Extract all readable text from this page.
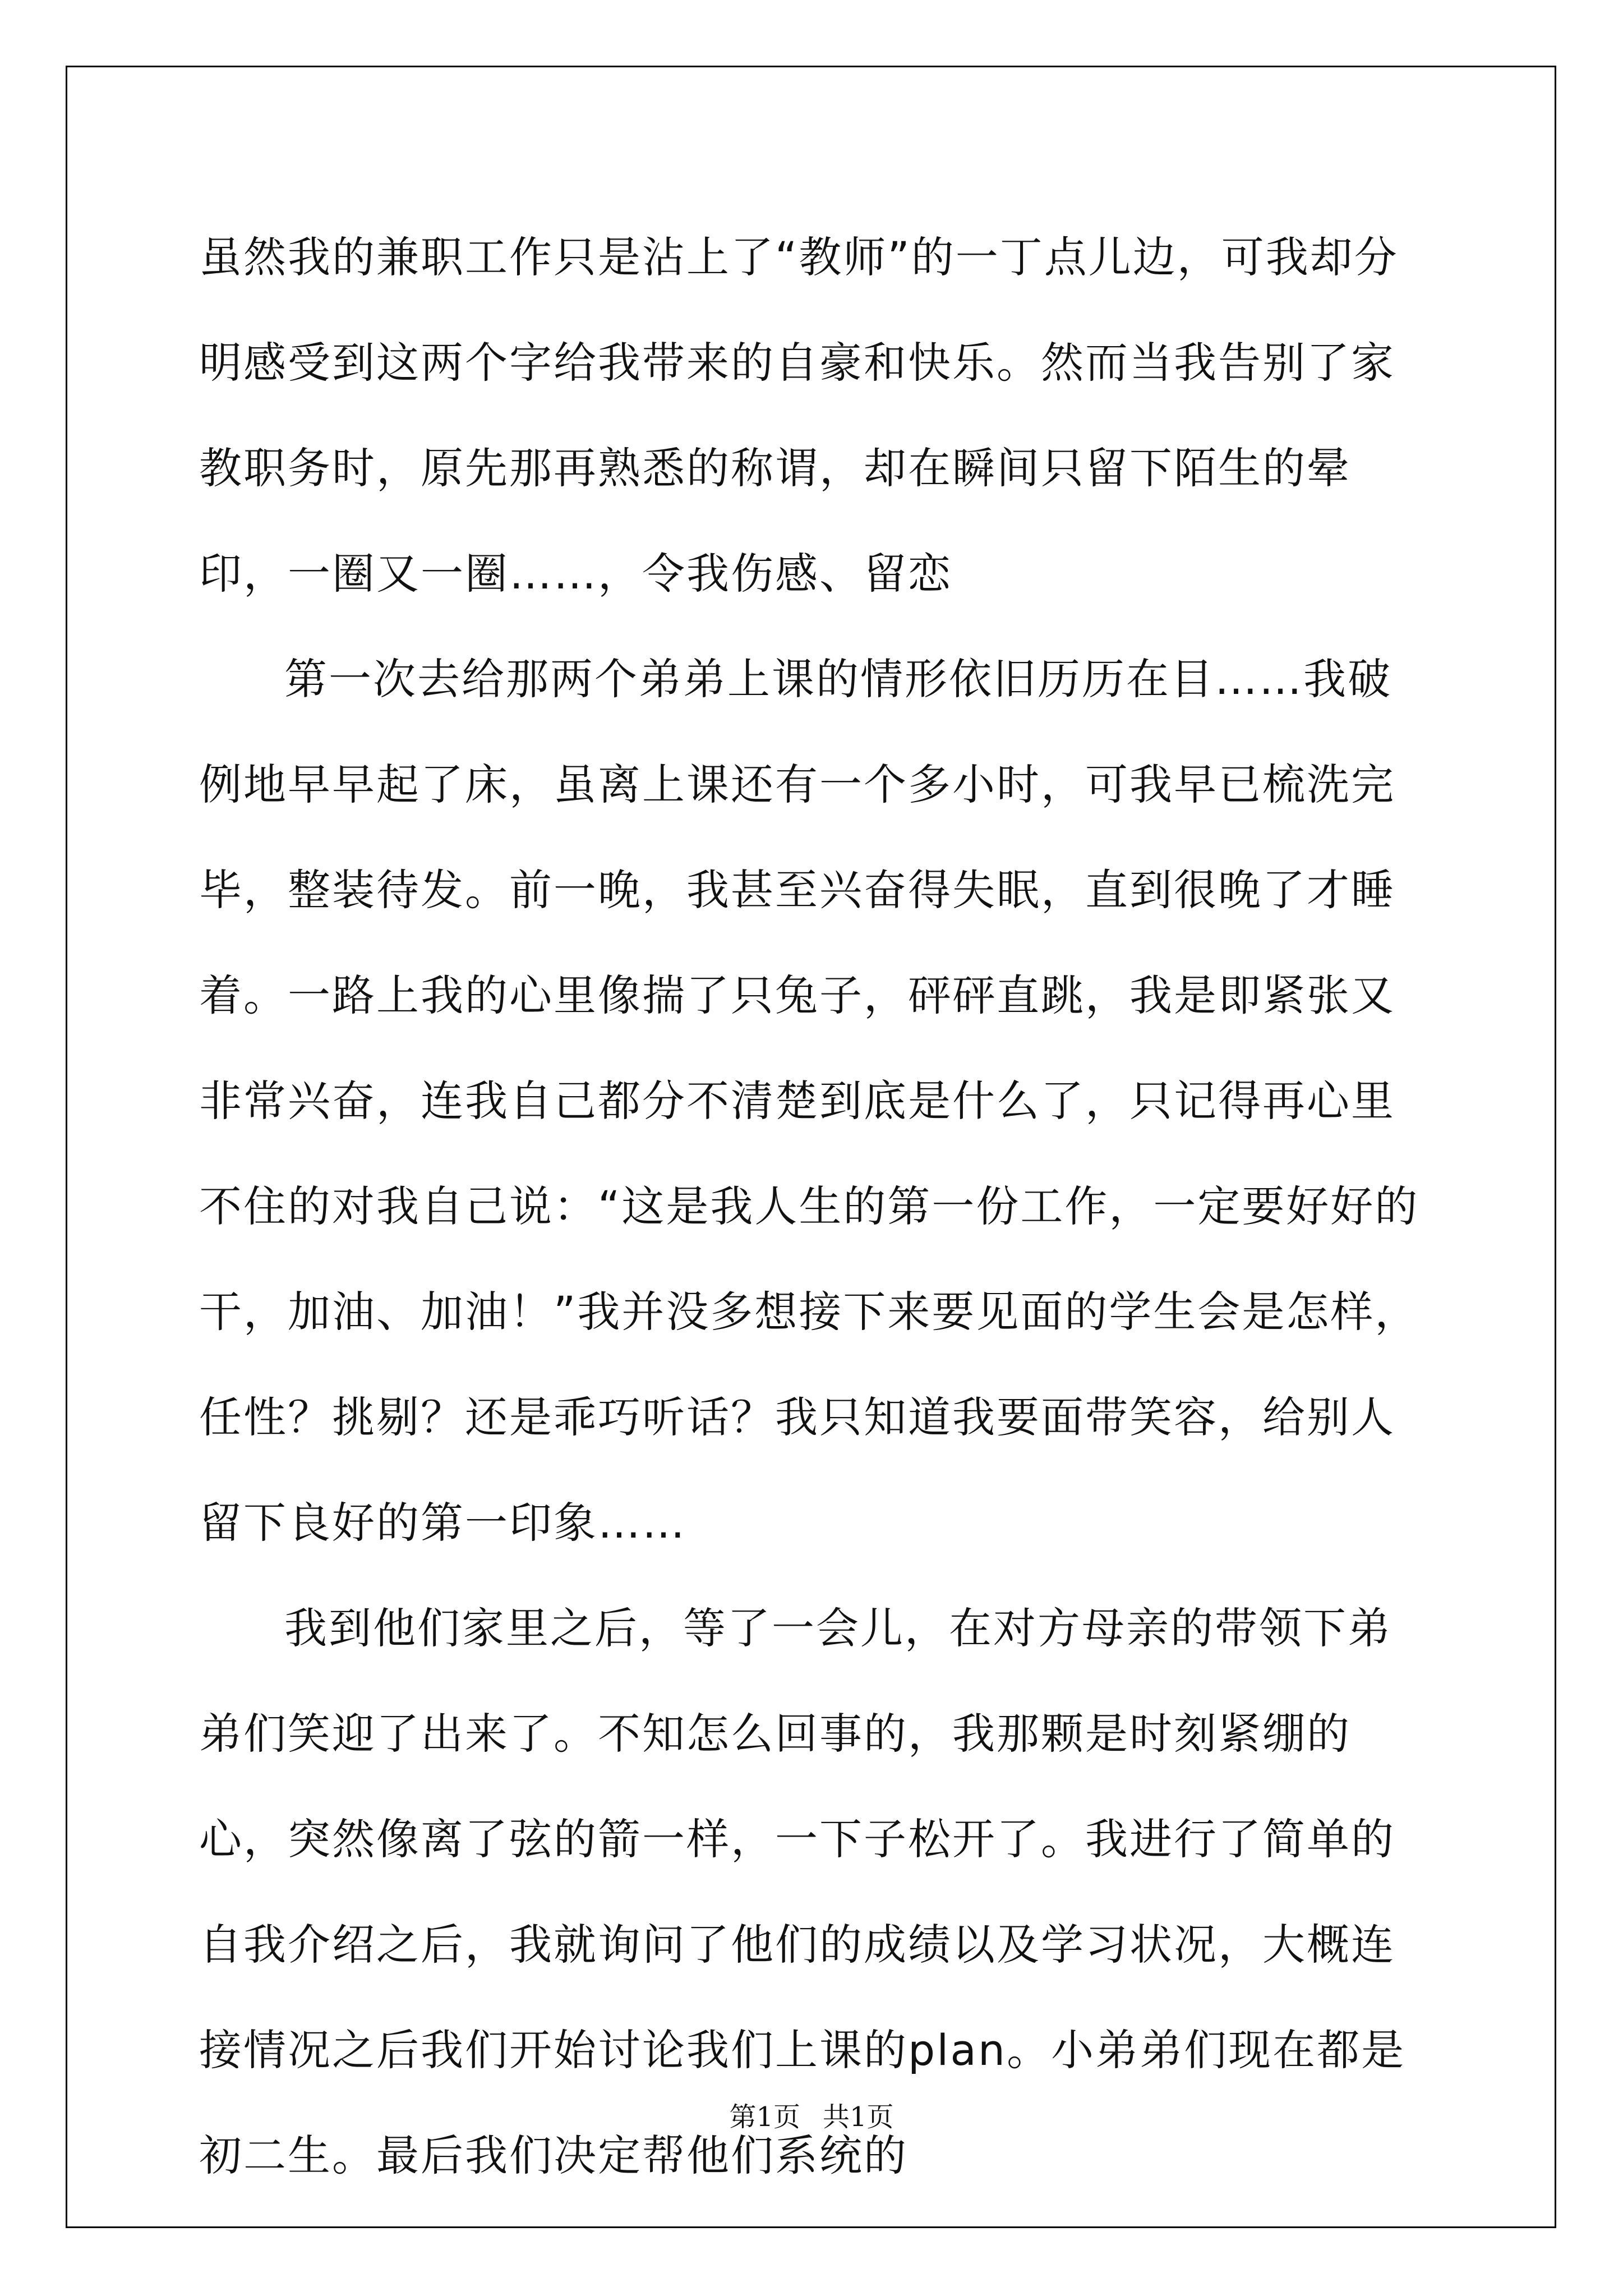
虽然我的兼职工作只是沾上了“教师”的一丁点儿边，可我却分明感受到这两个字给我带来的自豪和快乐。然而当我告别了家教职务时，原先那再熟悉的称谓，却在瞬间只留下陌生的晕印，一圈又一圈……，令我伤感、留恋

第一次去给那两个弟弟上课的情形依旧历历在目……我破例地早早起了床，虽离上课还有一个多小时，可我早已梳洗完毕，整装待发。前一晚，我甚至兴奋得失眠，直到很晚了才睡着。一路上我的心里像揣了只兔子，砰砰直跳，我是即紧张又非常兴奋，连我自己都分不清楚到底是什么了，只记得再心里不住的对我自己说：“这是我人生的第一份工作，一定要好好的干，加油、加油！”我并没多想接下来要见面的学生会是怎样，任性？挑剔？还是乖巧听话？我只知道我要面带笑容，给别人留下良好的第一印象……

我到他们家里之后，等了一会儿，在对方母亲的带领下弟弟们笑迎了出来了。不知怎么回事的，我那颗是时刻紧绷的心，突然像离了弦的箭一样，一下子松开了。我进行了简单的自我介绍之后，我就询问了他们的成绩以及学习状况，大概连接情况之后我们开始讨论我们上课的plan。小弟弟们现在都是初二生。最后我们决定帮他们系统的

第1页 共1页
